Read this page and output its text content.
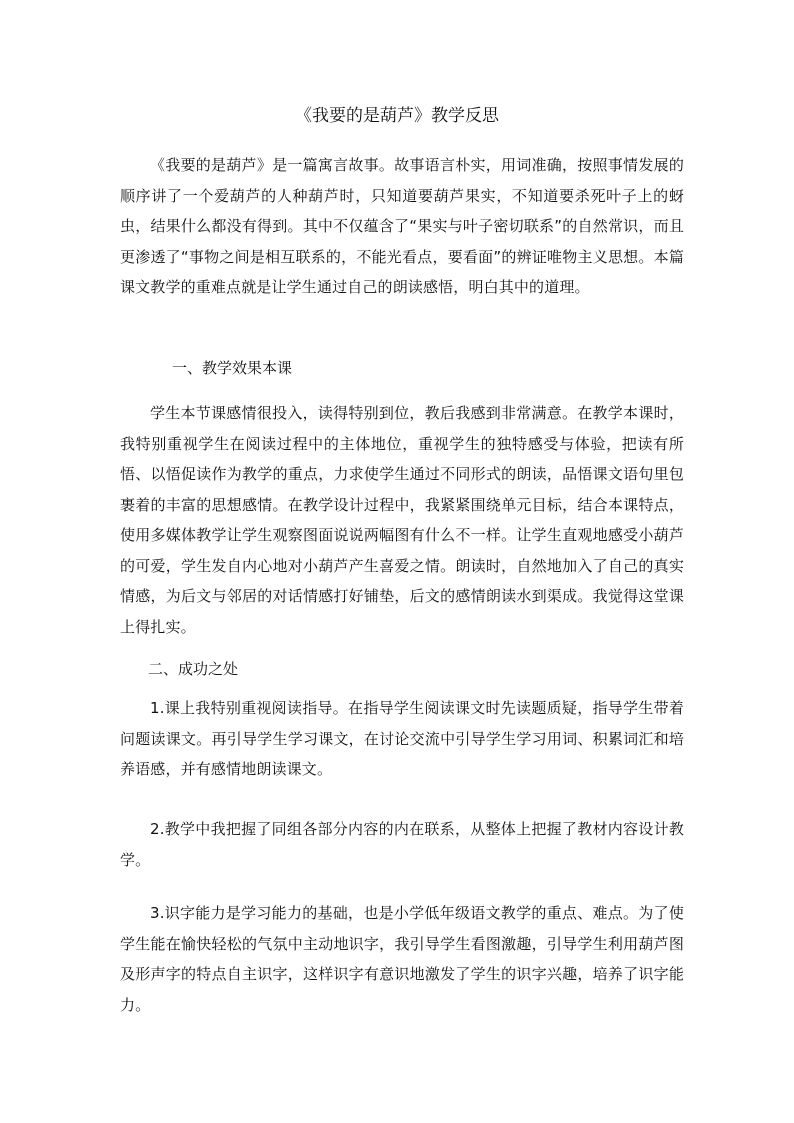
《我要的是葫芦》教学反思

《我要的是葫芦》是一篇寓言故事。故事语言朴实，用词准确，按照事情发展的顺序讲了一个爱葫芦的人种葫芦时，只知道要葫芦果实，不知道要杀死叶子上的蚜虫，结果什么都没有得到。其中不仅蕴含了“果实与叶子密切联系”的自然常识，而且更渗透了“事物之间是相互联系的，不能光看点，要看面”的辨证唯物主义思想。本篇课文教学的重难点就是让学生通过自己的朗读感悟，明白其中的道理。

一、教学效果本课

学生本节课感情很投入，读得特别到位，教后我感到非常满意。在教学本课时，我特别重视学生在阅读过程中的主体地位，重视学生的独特感受与体验，把读有所悟、以悟促读作为教学的重点，力求使学生通过不同形式的朗读，品悟课文语句里包裹着的丰富的思想感情。在教学设计过程中，我紧紧围绕单元目标，结合本课特点，使用多媒体教学让学生观察图面说说两幅图有什么不一样。让学生直观地感受小葫芦的可爱，学生发自内心地对小葫芦产生喜爱之情。朗读时，自然地加入了自己的真实情感，为后文与邻居的对话情感打好铺垫，后文的感情朗读水到渠成。我觉得这堂课上得扎实。

二、成功之处

1.课上我特别重视阅读指导。在指导学生阅读课文时先读题质疑，指导学生带着问题读课文。再引导学生学习课文，在讨论交流中引导学生学习用词、积累词汇和培养语感，并有感情地朗读课文。

2.教学中我把握了同组各部分内容的内在联系，从整体上把握了教材内容设计教学。

3.识字能力是学习能力的基础，也是小学低年级语文教学的重点、难点。为了使学生能在愉快轻松的气氛中主动地识字，我引导学生看图激趣，引导学生利用葫芦图及形声字的特点自主识字，这样识字有意识地激发了学生的识字兴趣，培养了识字能力。
